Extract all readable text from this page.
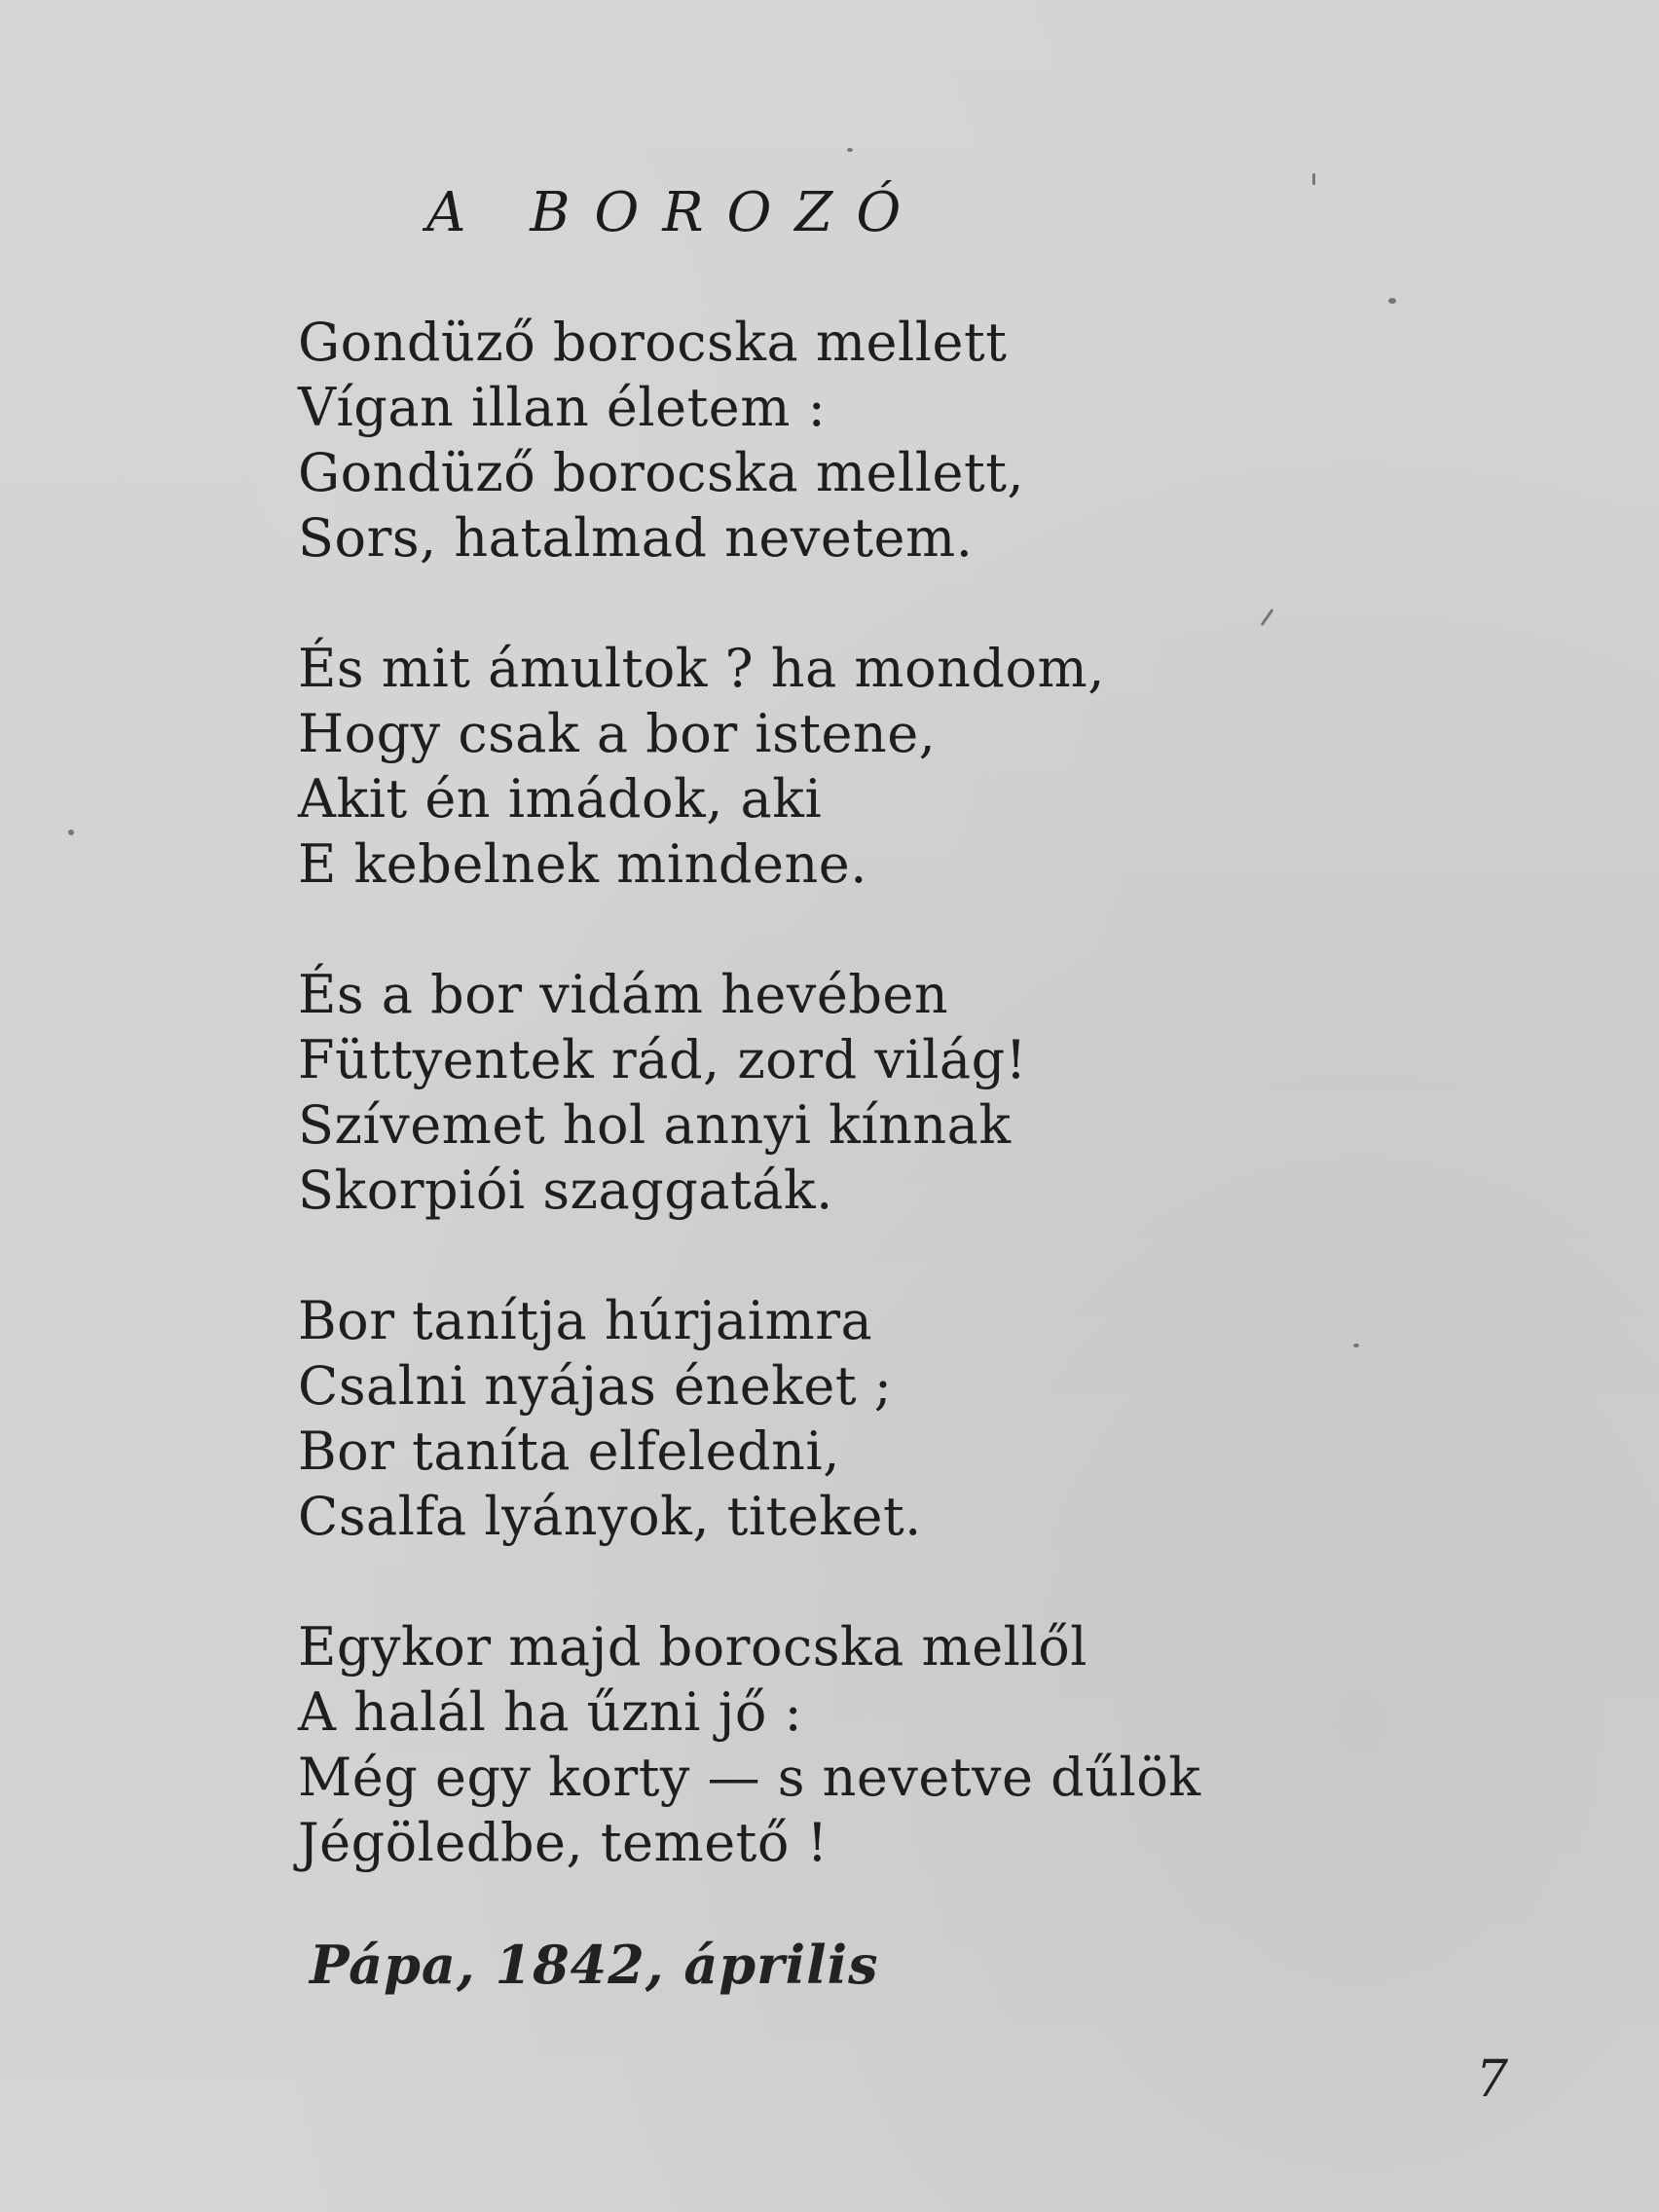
A BOROZÓ
Gondüző borocska mellett
Vígan illan életem :
Gondüző borocska mellett,
Sors, hatalmad nevetem.
És mit ámultok ? ha mondom,
Hogy csak a bor istene,
Akit én imádok, aki
E kebelnek mindene.
És a bor vidám hevében
Füttyentek rád, zord világ!
Szívemet hol annyi kínnak
Skorpiói szaggaták.
Bor tanítja húrjaimra
Csalni nyájas éneket ;
Bor taníta elfeledni,
Csalfa lyányok, titeket.
Egykor majd borocska mellől
A halál ha űzni jő :
Még egy korty — s nevetve dűlök
Jégöledbe, temető !
Pápa, 1842, április
7
